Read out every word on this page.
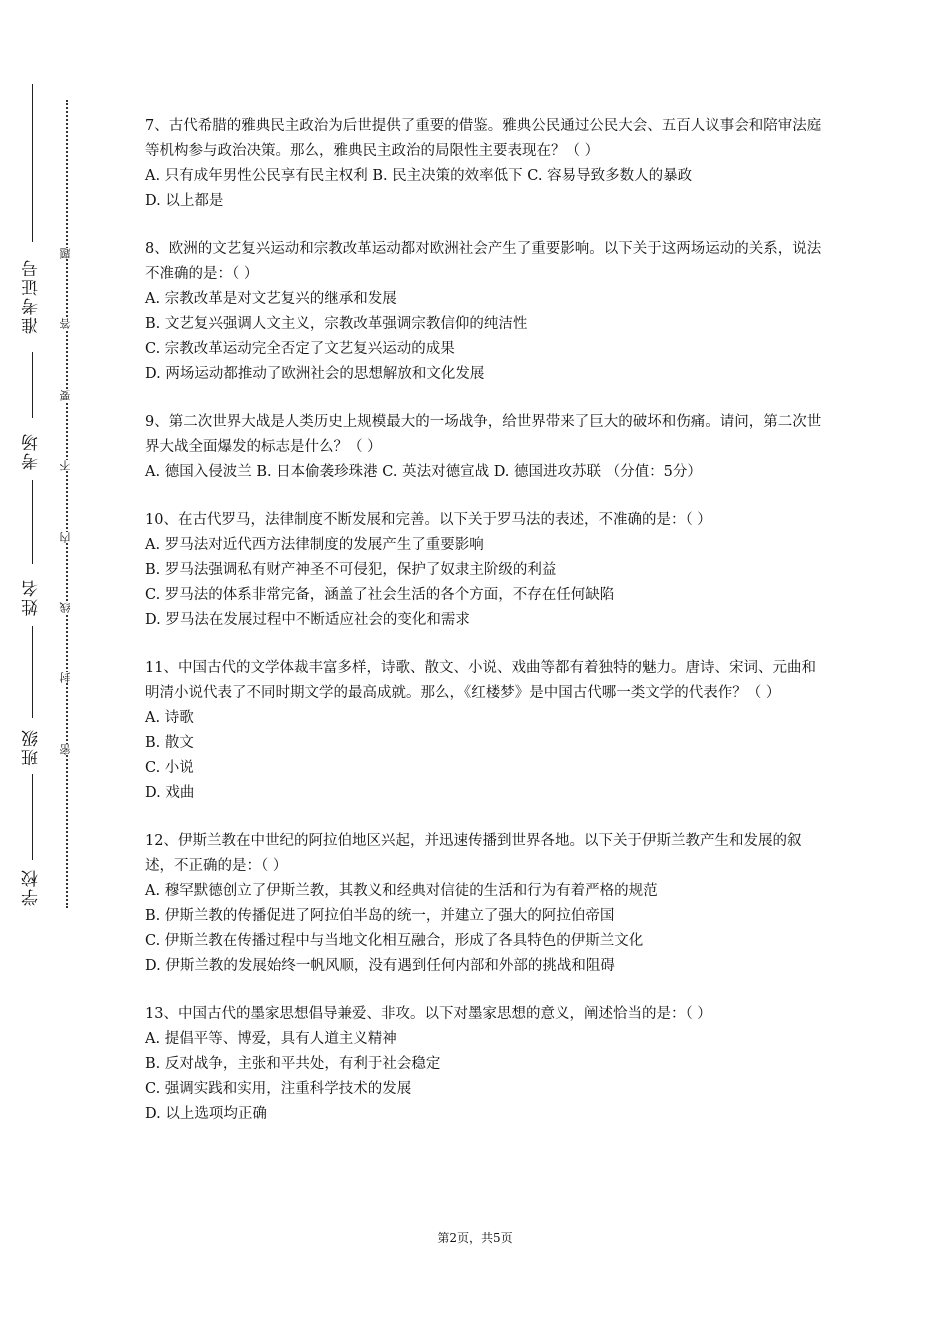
准考证号
考场
姓名
班级
学校
密
封
线
内
不
要
答
题

7、古代希腊的雅典民主政治为后世提供了重要的借鉴。雅典公民通过公民大会、五百人议事会和陪审法庭等机构参与政治决策。那么，雅典民主政治的局限性主要表现在？（ ）

A. 只有成年男性公民享有民主权利 B. 民主决策的效率低下 C. 容易导致多数人的暴政
D. 以上都是

8、欧洲的文艺复兴运动和宗教改革运动都对欧洲社会产生了重要影响。以下关于这两场运动的关系，说法不准确的是：（ ）

A. 宗教改革是对文艺复兴的继承和发展
B. 文艺复兴强调人文主义，宗教改革强调宗教信仰的纯洁性
C. 宗教改革运动完全否定了文艺复兴运动的成果
D. 两场运动都推动了欧洲社会的思想解放和文化发展

9、第二次世界大战是人类历史上规模最大的一场战争，给世界带来了巨大的破坏和伤痛。请问，第二次世界大战全面爆发的标志是什么？（ ）

A. 德国入侵波兰 B. 日本偷袭珍珠港 C. 英法对德宣战 D. 德国进攻苏联 （分值：5分）

10、在古代罗马，法律制度不断发展和完善。以下关于罗马法的表述，不准确的是：（ ）

A. 罗马法对近代西方法律制度的发展产生了重要影响
B. 罗马法强调私有财产神圣不可侵犯，保护了奴隶主阶级的利益
C. 罗马法的体系非常完备，涵盖了社会生活的各个方面，不存在任何缺陷
D. 罗马法在发展过程中不断适应社会的变化和需求

11、中国古代的文学体裁丰富多样，诗歌、散文、小说、戏曲等都有着独特的魅力。唐诗、宋词、元曲和明清小说代表了不同时期文学的最高成就。那么，《红楼梦》是中国古代哪一类文学的代表作？（ ）

A. 诗歌
B. 散文
C. 小说
D. 戏曲

12、伊斯兰教在中世纪的阿拉伯地区兴起，并迅速传播到世界各地。以下关于伊斯兰教产生和发展的叙述，不正确的是：（ ）

A. 穆罕默德创立了伊斯兰教，其教义和经典对信徒的生活和行为有着严格的规范
B. 伊斯兰教的传播促进了阿拉伯半岛的统一，并建立了强大的阿拉伯帝国
C. 伊斯兰教在传播过程中与当地文化相互融合，形成了各具特色的伊斯兰文化
D. 伊斯兰教的发展始终一帆风顺，没有遇到任何内部和外部的挑战和阻碍

13、中国古代的墨家思想倡导兼爱、非攻。以下对墨家思想的意义，阐述恰当的是：（ ）

A. 提倡平等、博爱，具有人道主义精神
B. 反对战争，主张和平共处，有利于社会稳定
C. 强调实践和实用，注重科学技术的发展
D. 以上选项均正确
第2页，共5页
